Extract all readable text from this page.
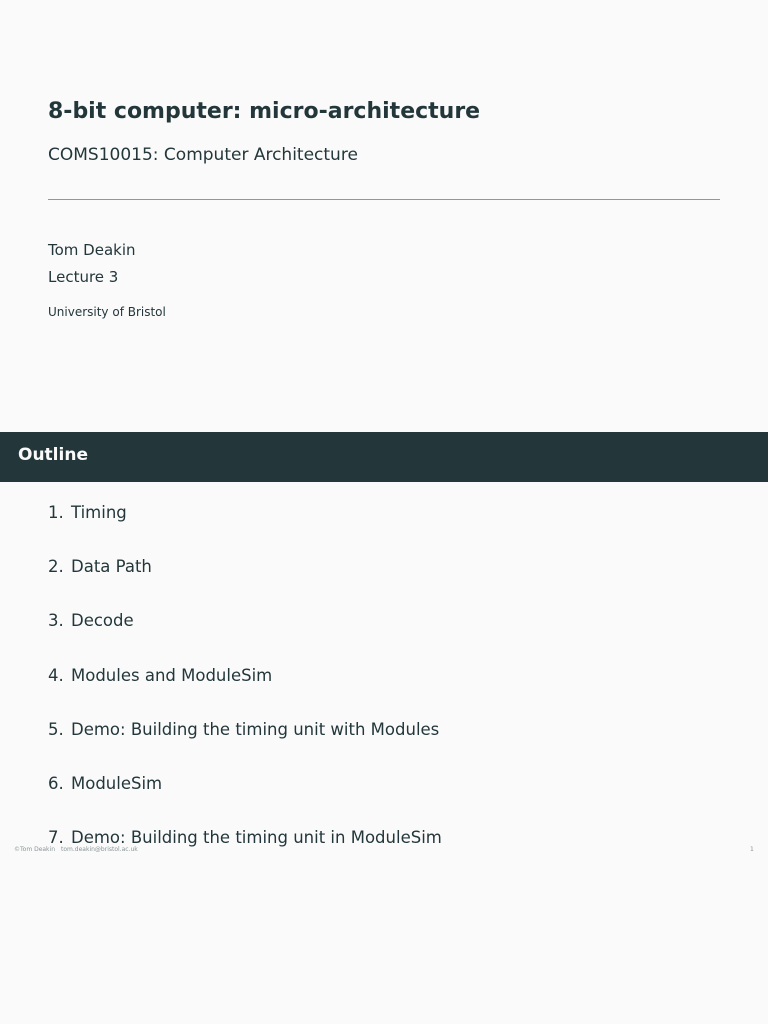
8-bit computer: micro-architecture
COMS10015: Computer Architecture
Tom Deakin
Lecture 3
University of Bristol
Outline
1. Timing
2. Data Path
3. Decode
4. Modules and ModuleSim
5. Demo: Building the timing unit with Modules
6. ModuleSim
7. Demo: Building the timing unit in ModuleSim
©Tom Deakin tom.deakin@bristol.ac.uk	1
